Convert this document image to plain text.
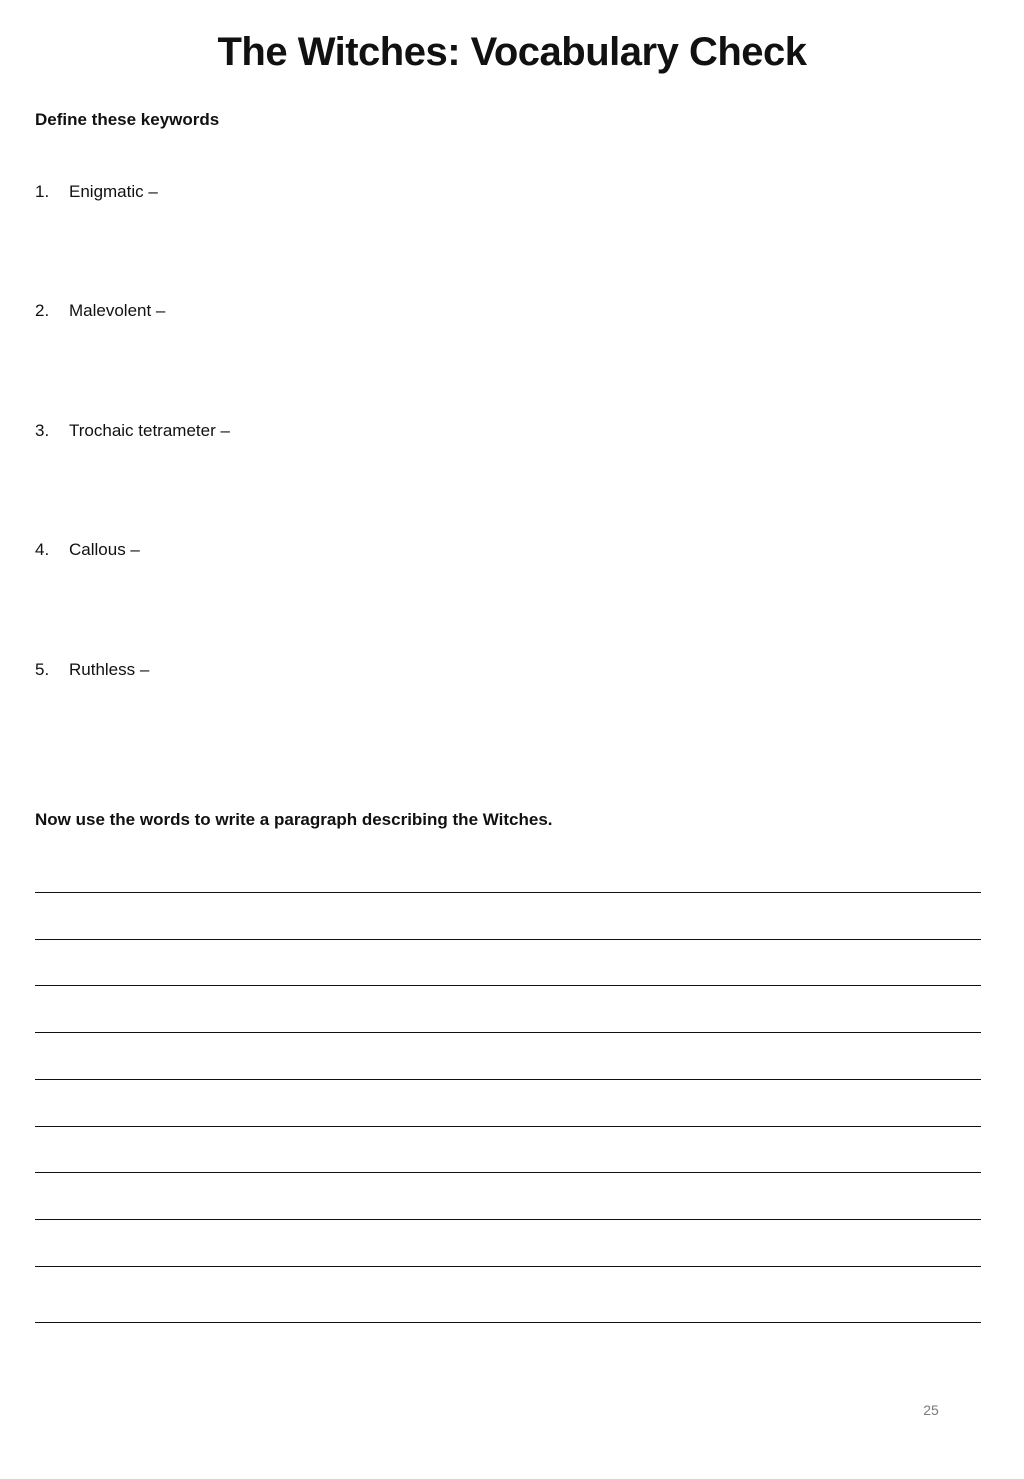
The Witches: Vocabulary Check

Define these keywords

1. Enigmatic –
2. Malevolent –
3. Trochaic tetrameter –
4. Callous –
5. Ruthless –

Now use the words to write a paragraph describing the Witches.

25
